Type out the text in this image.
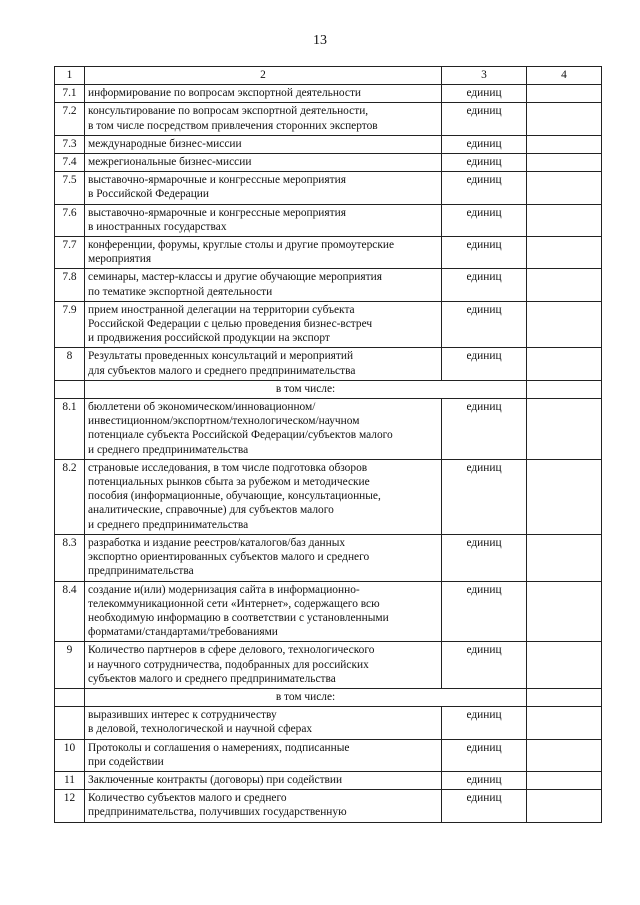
13
1	2	3	4
7.1	информирование по вопросам экспортной деятельности	единиц	
7.2	консультирование по вопросам экспортной деятельности,
в том числе посредством привлечения сторонних экспертов	единиц	
7.3	международные бизнес-миссии	единиц	
7.4	межрегиональные бизнес-миссии	единиц	
7.5	выставочно-ярмарочные и конгрессные мероприятия
в Российской Федерации	единиц	
7.6	выставочно-ярмарочные и конгрессные мероприятия
в иностранных государствах	единиц	
7.7	конференции, форумы, круглые столы и другие промоутерские
мероприятия	единиц	
7.8	семинары, мастер-классы и другие обучающие мероприятия
по тематике экспортной деятельности	единиц	
7.9	прием иностранной делегации на территории субъекта
Российской Федерации с целью проведения бизнес-встреч
и продвижения российской продукции на экспорт	единиц	
8	Результаты проведенных консультаций и мероприятий
для субъектов малого и среднего предпринимательства	единиц	
	в том числе:		
8.1	бюллетени об экономическом/инновационном/
инвестиционном/экспортном/технологическом/научном
потенциале субъекта Российской Федерации/субъектов малого
и среднего предпринимательства	единиц	
8.2	страновые исследования, в том числе подготовка обзоров
потенциальных рынков сбыта за рубежом и методические
пособия (информационные, обучающие, консультационные,
аналитические, справочные) для субъектов малого
и среднего предпринимательства	единиц	
8.3	разработка и издание реестров/каталогов/баз данных
экспортно ориентированных субъектов малого и среднего
предпринимательства	единиц	
8.4	создание и(или) модернизация сайта в информационно-
телекоммуникационной сети «Интернет», содержащего всю
необходимую информацию в соответствии с установленными
форматами/стандартами/требованиями	единиц	
9	Количество партнеров в сфере делового, технологического
и научного сотрудничества, подобранных для российских
субъектов малого и среднего предпринимательства	единиц	
	в том числе:		
	выразивших интерес к сотрудничеству
в деловой, технологической и научной сферах	единиц	
10	Протоколы и соглашения о намерениях, подписанные
при содействии	единиц	
11	Заключенные контракты (договоры) при содействии	единиц	
12	Количество субъектов малого и среднего
предпринимательства, получивших государственную	единиц	
